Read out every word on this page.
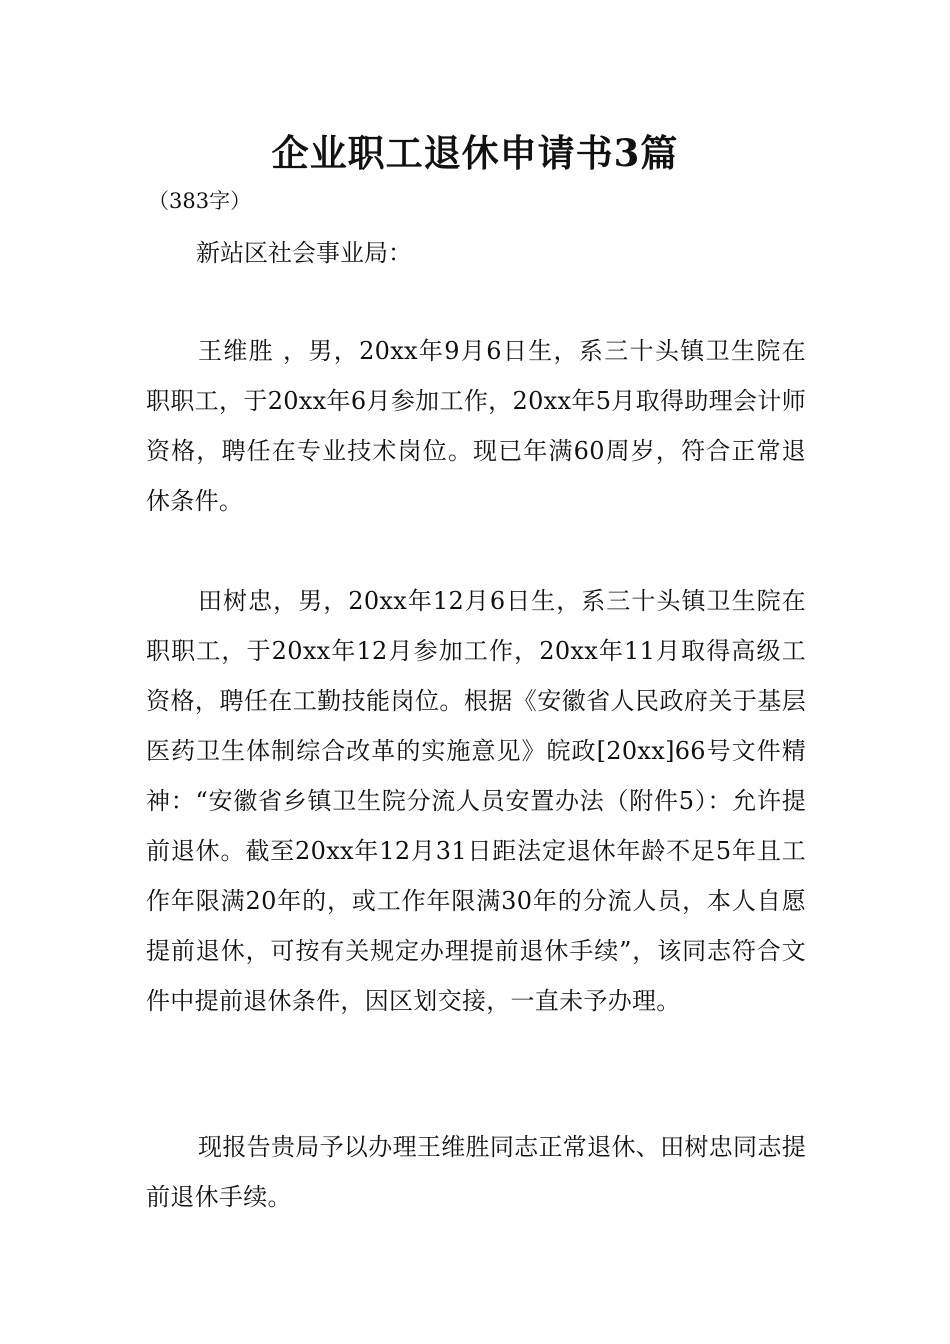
企业职工退休申请书3篇

（383字）

新站区社会事业局：

王维胜 ，男，20xx年9月6日生，系三十头镇卫生院在职职工，于20xx年6月参加工作，20xx年5月取得助理会计师资格，聘任在专业技术岗位。现已年满60周岁，符合正常退休条件。

田树忠，男，20xx年12月6日生，系三十头镇卫生院在职职工，于20xx年12月参加工作，20xx年11月取得高级工资格，聘任在工勤技能岗位。根据《安徽省人民政府关于基层医药卫生体制综合改革的实施意见》皖政[20xx]66号文件精神：“安徽省乡镇卫生院分流人员安置办法（附件5）：允许提前退休。截至20xx年12月31日距法定退休年龄不足5年且工作年限满20年的，或工作年限满30年的分流人员，本人自愿提前退休，可按有关规定办理提前退休手续”，该同志符合文件中提前退休条件，因区划交接，一直未予办理。

现报告贵局予以办理王维胜同志正常退休、田树忠同志提前退休手续。
